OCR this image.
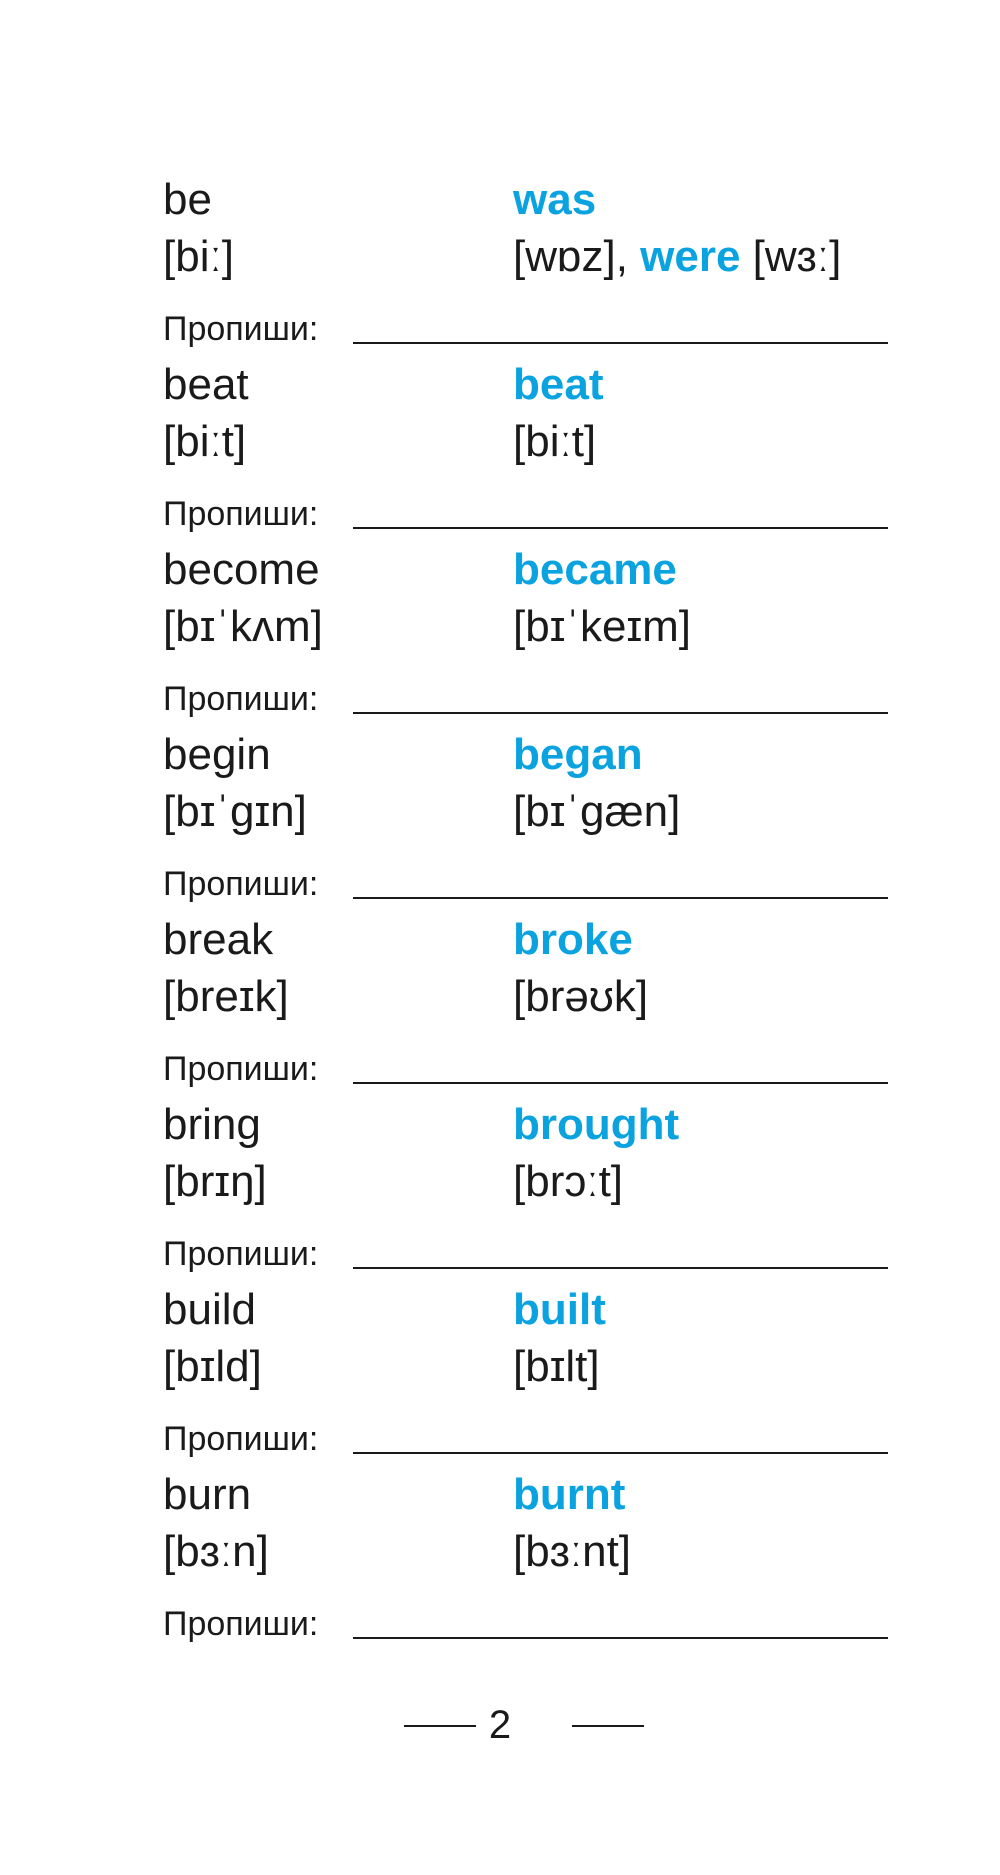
be	was
[biː]	[wɒz], were [wɜː]
Пропиши:
beat	beat
[biːt]	[biːt]
Пропиши:
become	became
[bɪˈkʌm]	[bɪˈkeɪm]
Пропиши:
begin	began
[bɪˈgɪn]	[bɪˈgæn]
Пропиши:
break	broke
[breɪk]	[brəʊk]
Пропиши:
bring	brought
[brɪŋ]	[brɔːt]
Пропиши:
build	built
[bɪld]	[bɪlt]
Пропиши:
burn	burnt
[bɜːn]	[bɜːnt]
Пропиши:
2
